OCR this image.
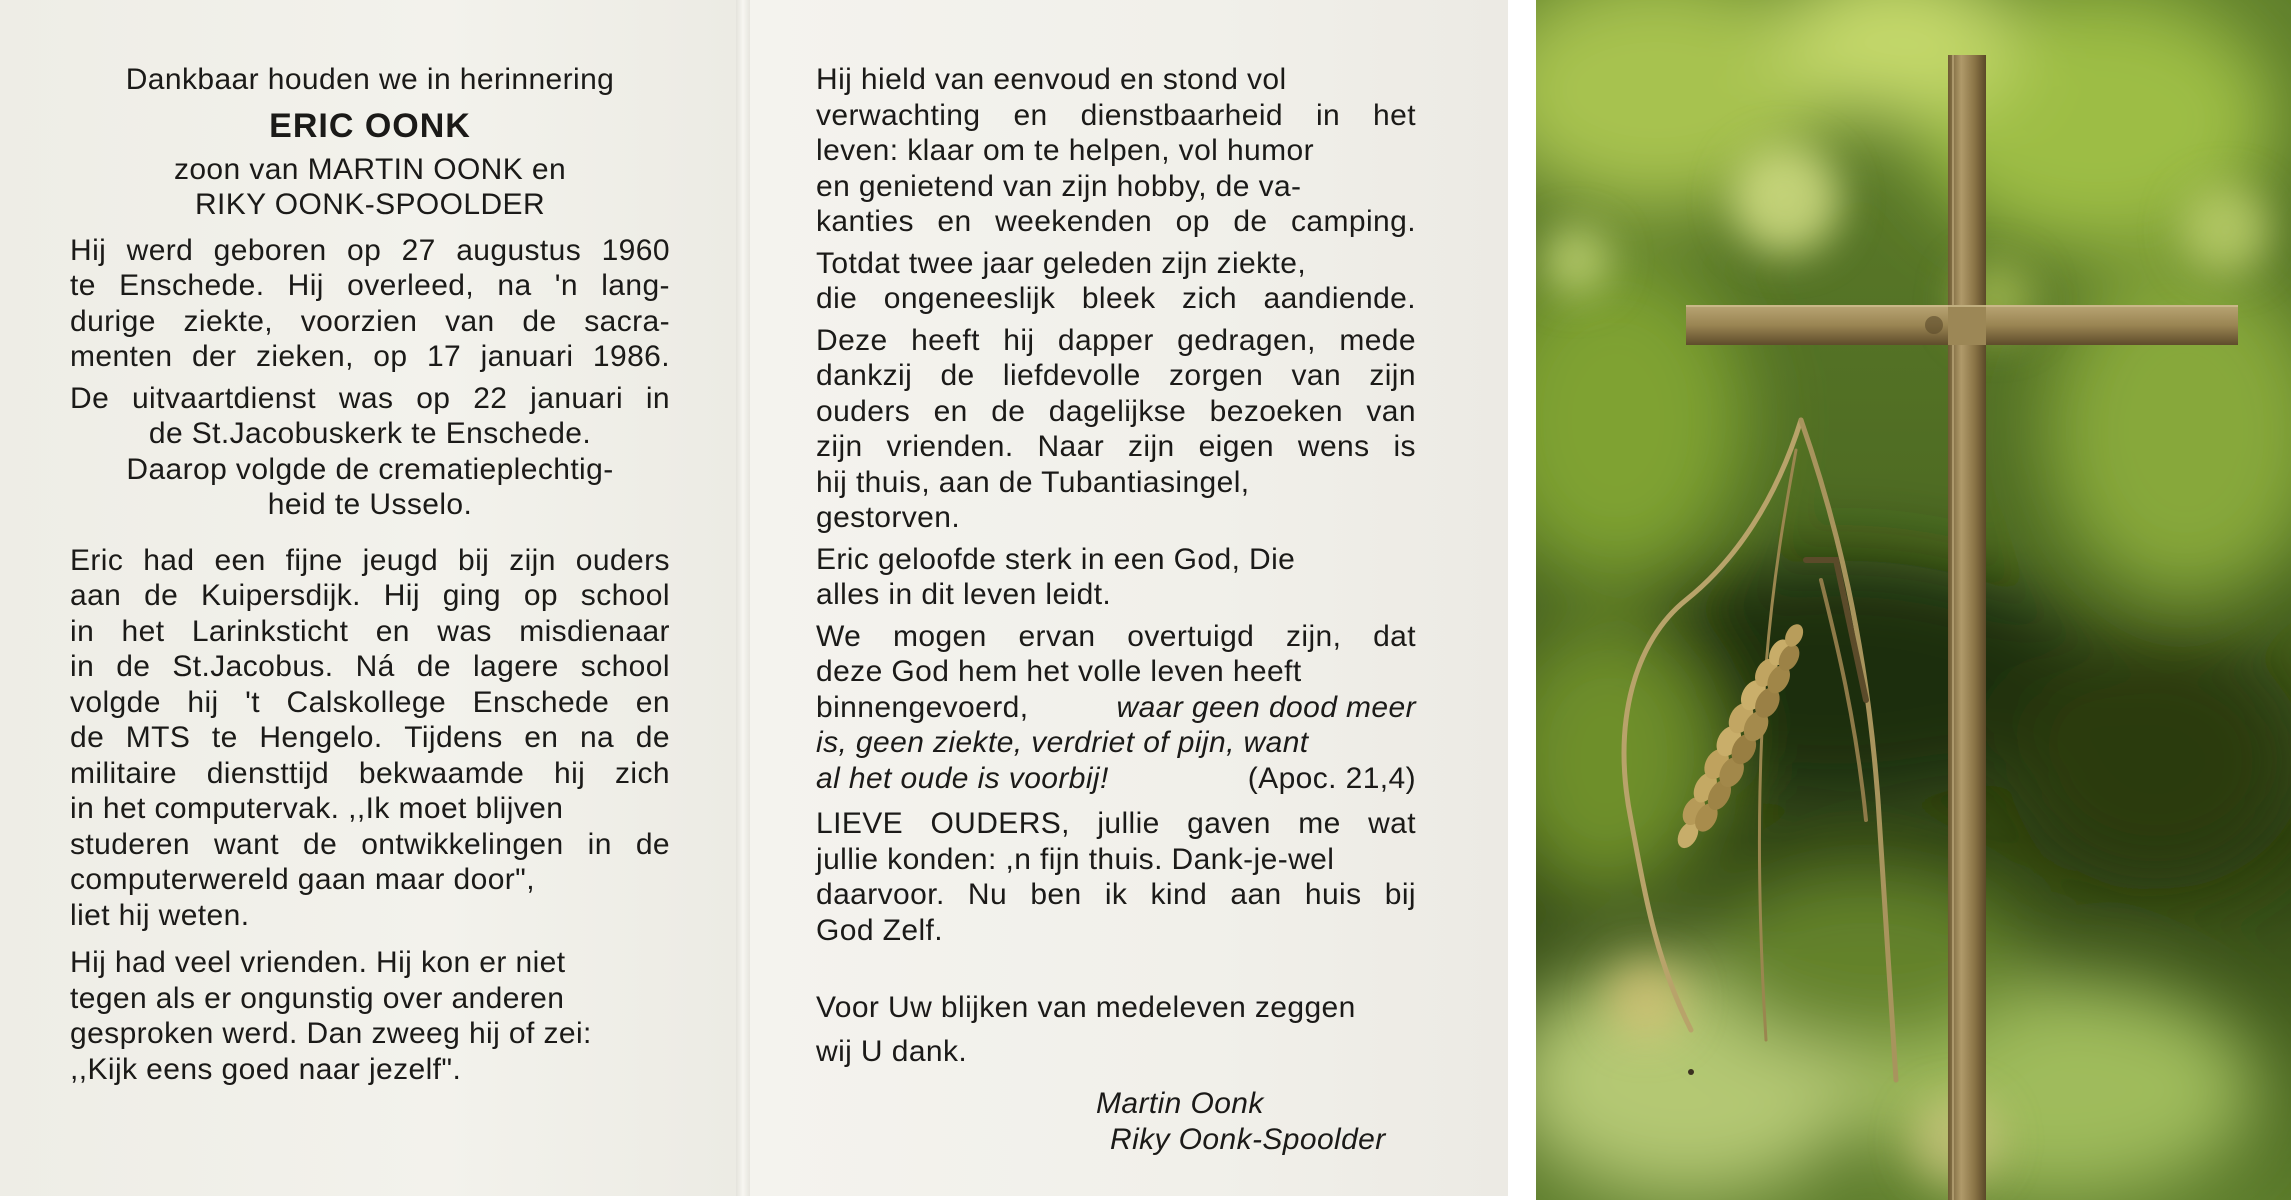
Dankbaar houden we in herinnering
ERIC OONK
zoon van MARTIN OONK en
RIKY OONK-SPOOLDER
Hij werd geboren op 27 augustus 1960
te Enschede. Hij overleed, na 'n lang-
durige ziekte, voorzien van de sacra-
menten der zieken, op 17 januari 1986.
De uitvaartdienst was op 22 januari in
de St.Jacobuskerk te Enschede.
Daarop volgde de crematieplechtig-
heid te Usselo.
Eric had een fijne jeugd bij zijn ouders
aan de Kuipersdijk. Hij ging op school
in het Larinksticht en was misdienaar
in de St.Jacobus. Ná de lagere school
volgde hij 't Calskollege Enschede en
de MTS te Hengelo. Tijdens en na de
militaire diensttijd bekwaamde hij zich
in het computervak. ,,Ik moet blijven
studeren want de ontwikkelingen in de
computerwereld gaan maar door",
liet hij weten.
Hij had veel vrienden. Hij kon er niet
tegen als er ongunstig over anderen
gesproken werd. Dan zweeg hij of zei:
,,Kijk eens goed naar jezelf".
Hij hield van eenvoud en stond vol
verwachting en dienstbaarheid in het
leven: klaar om te helpen, vol humor
en genietend van zijn hobby, de va-
kanties en weekenden op de camping.
Totdat twee jaar geleden zijn ziekte,
die ongeneeslijk bleek zich aandiende.
Deze heeft hij dapper gedragen, mede
dankzij de liefdevolle zorgen van zijn
ouders en de dagelijkse bezoeken van
zijn vrienden. Naar zijn eigen wens is
hij thuis, aan de Tubantiasingel,
gestorven.
Eric geloofde sterk in een God, Die
alles in dit leven leidt.
We mogen ervan overtuigd zijn, dat
deze God hem het volle leven heeft
binnengevoerd,	waar geen dood meer
is, geen ziekte, verdriet of pijn, want
al het oude is voorbij!	(Apoc. 21,4)
LIEVE OUDERS, jullie gaven me wat
jullie konden: ,n fijn thuis. Dank-je-wel
daarvoor. Nu ben ik kind aan huis bij
God Zelf.
Voor Uw blijken van medeleven zeggen
wij U dank.
Martin Oonk
Riky Oonk-Spoolder
